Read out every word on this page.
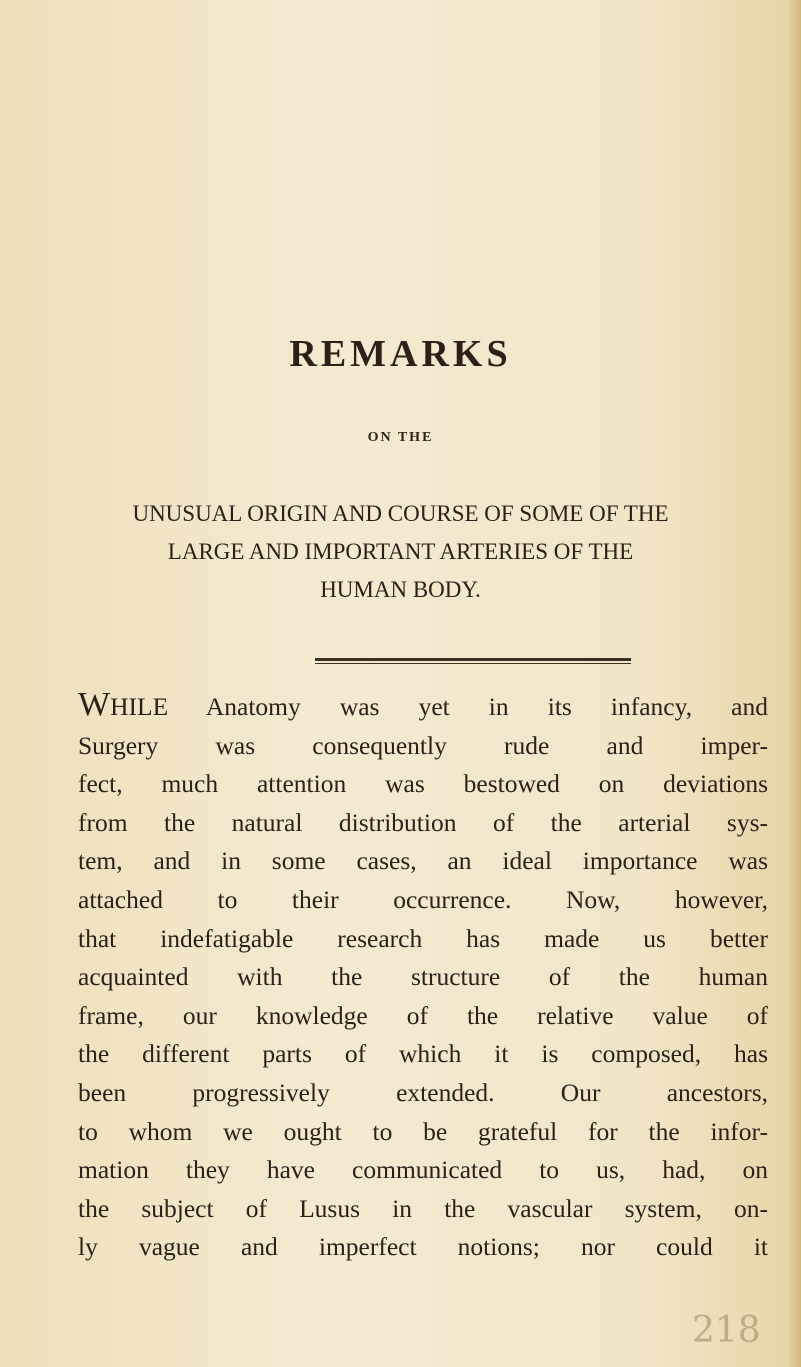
REMARKS
ON THE
UNUSUAL ORIGIN AND COURSE OF SOME OF THE
LARGE AND IMPORTANT ARTERIES OF THE
HUMAN BODY.
WHILE Anatomy was yet in its infancy, and
Surgery was consequently rude and imper-
fect, much attention was bestowed on deviations
from the natural distribution of the arterial sys-
tem, and in some cases, an ideal importance was
attached to their occurrence. Now, however,
that indefatigable research has made us better
acquainted with the structure of the human
frame, our knowledge of the relative value of
the different parts of which it is composed, has
been progressively extended. Our ancestors,
to whom we ought to be grateful for the infor-
mation they have communicated to us, had, on
the subject of Lusus in the vascular system, on-
ly vague and imperfect notions; nor could it
218
